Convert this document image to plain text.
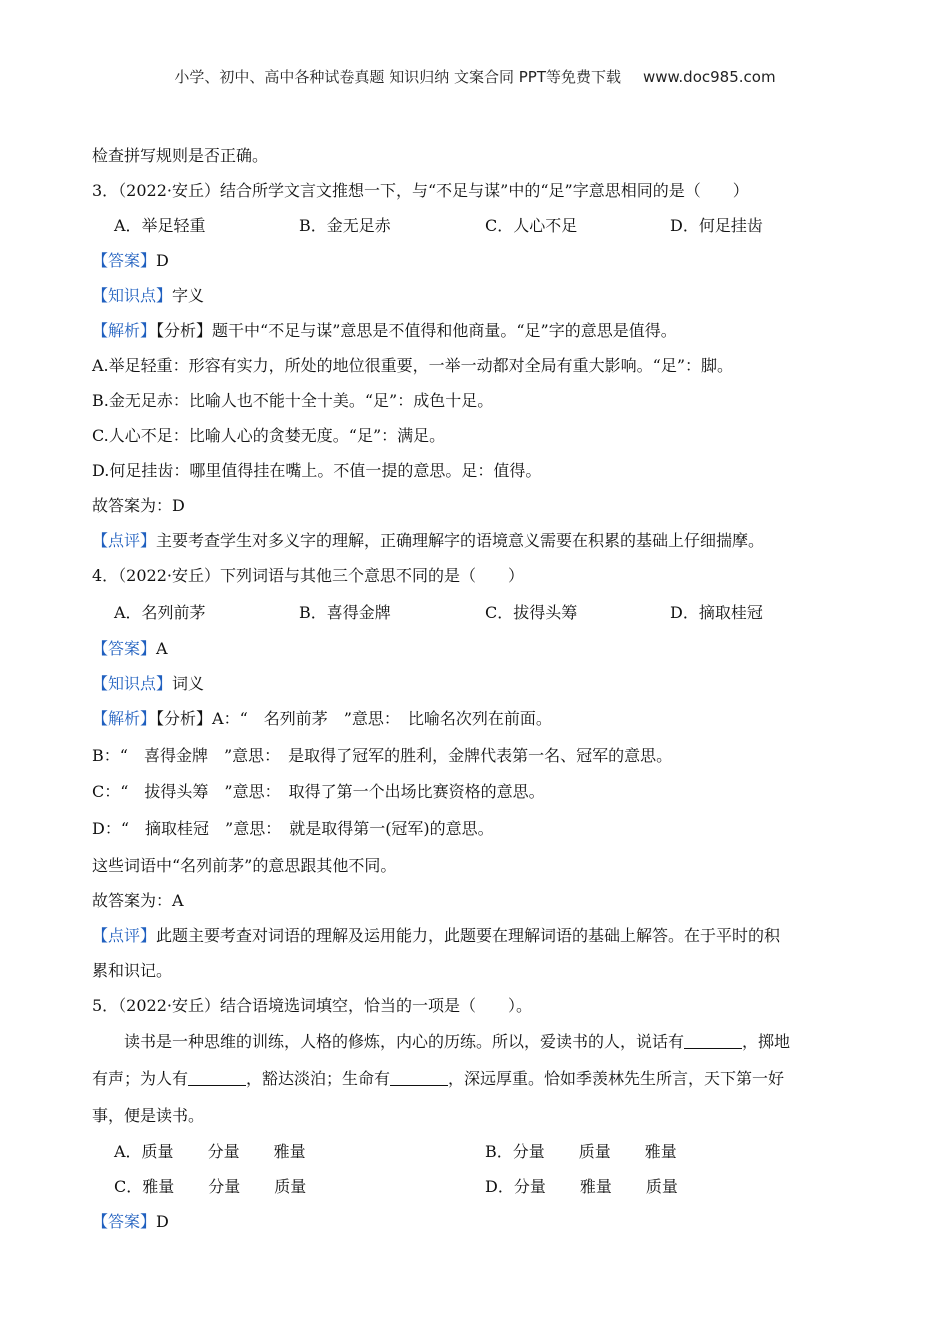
小学、初中、高中各种试卷真题 知识归纳 文案合同 PPT等免费下载 www.doc985.com
检查拼写规则是否正确。
3．（2022·安丘）结合所学文言文推想一下，与“不足与谋”中的“足”字意思相同的是（　　）
A．举足轻重	B．金无足赤	C．人心不足	D．何足挂齿
【答案】D
【知识点】字义
【解析】【分析】题干中“不足与谋”意思是不值得和他商量。“足”字的意思是值得。
A.举足轻重：形容有实力，所处的地位很重要，一举一动都对全局有重大影响。“足”：脚。
B.金无足赤：比喻人也不能十全十美。“足”：成色十足。
C.人心不足：比喻人心的贪婪无度。“足”：满足。
D.何足挂齿：哪里值得挂在嘴上。不值一提的意思。足：值得。
故答案为：D
【点评】主要考查学生对多义字的理解，正确理解字的语境意义需要在积累的基础上仔细揣摩。
4．（2022·安丘）下列词语与其他三个意思不同的是（　　）
A．名列前茅	B．喜得金牌	C．拔得头筹	D．摘取桂冠
【答案】A
【知识点】词义
【解析】【分析】A：“　名列前茅　”意思：　比喻名次列在前面。
B：“　喜得金牌　”意思：　是取得了冠军的胜利，金牌代表第一名、冠军的意思。
C：“　拔得头筹　”意思：　取得了第一个出场比赛资格的意思。
D：“　摘取桂冠　”意思：　就是取得第一(冠军)的意思。
这些词语中“名列前茅”的意思跟其他不同。
故答案为：A
【点评】此题主要考查对词语的理解及运用能力，此题要在理解词语的基础上解答。在于平时的积
累和识记。
5．（2022·安丘）结合语境选词填空，恰当的一项是（　　）。
读书是一种思维的训练，人格的修炼，内心的历练。所以，爱读书的人，说话有	，掷地
有声；为人有	，豁达淡泊；生命有	，深远厚重。恰如季羡林先生所言，天下第一好
事，便是读书。
A．质量 分量 雅量	B．分量 质量 雅量
C．雅量 分量 质量	D．分量 雅量 质量
【答案】D
